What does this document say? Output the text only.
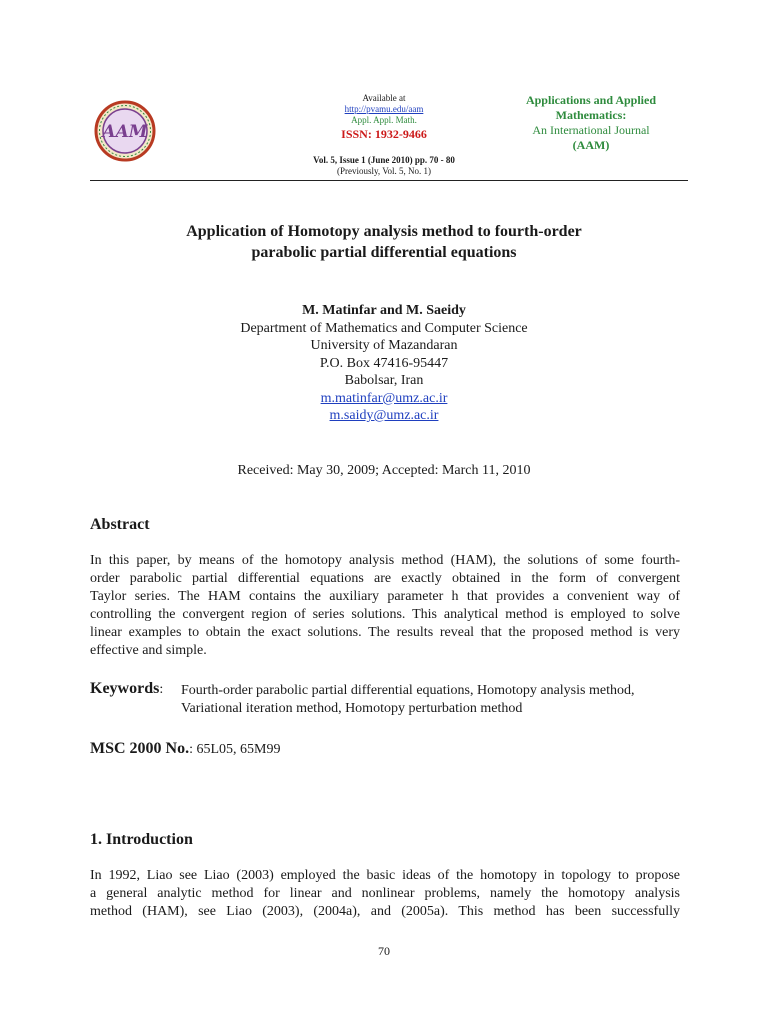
AAM
Available at
http://pvamu.edu/aam
Appl. Appl. Math.
ISSN: 1932-9466
Vol. 5, Issue 1 (June 2010) pp. 70 - 80
(Previously, Vol. 5, No. 1)
Applications and Applied
Mathematics:
An International Journal
(AAM)
Application of Homotopy analysis method to fourth-order
parabolic partial differential equations
M. Matinfar and M. Saeidy
Department of Mathematics and Computer Science
University of Mazandaran
P.O. Box 47416-95447
Babolsar, Iran
m.matinfar@umz.ac.ir
m.saidy@umz.ac.ir
Received: May 30, 2009; Accepted: March 11, 2010
Abstract
In this paper, by means of the homotopy analysis method (HAM), the solutions of some fourth-
order parabolic partial differential equations are exactly obtained in the form of convergent
Taylor series. The HAM contains the auxiliary parameter h that provides a convenient way of
controlling the convergent region of series solutions. This analytical method is employed to solve
linear examples to obtain the exact solutions. The results reveal that the proposed method is very
effective and simple.
Keywords: Fourth-order parabolic partial differential equations, Homotopy analysis method,
Variational iteration method, Homotopy perturbation method
MSC 2000 No.: 65L05, 65M99
1. Introduction
In 1992, Liao see Liao (2003) employed the basic ideas of the homotopy in topology to propose
a general analytic method for linear and nonlinear problems, namely the homotopy analysis
method (HAM), see Liao (2003), (2004a), and (2005a). This method has been successfully
70
